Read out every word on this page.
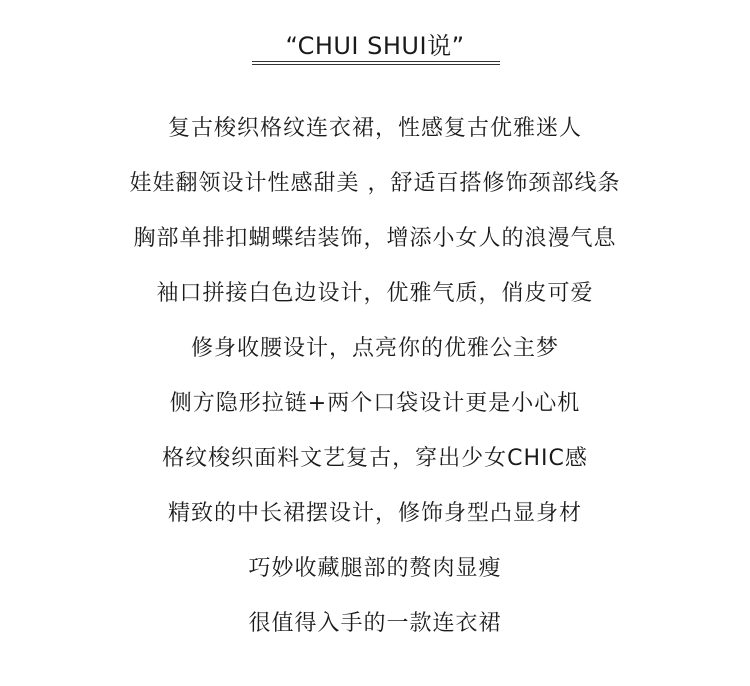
“CHUI SHUI说”
复古梭织格纹连衣裙，性感复古优雅迷人
娃娃翻领设计性感甜美 ，舒适百搭修饰颈部线条
胸部单排扣蝴蝶结装饰，增添小女人的浪漫气息
袖口拼接白色边设计，优雅气质，俏皮可爱
修身收腰设计，点亮你的优雅公主梦
侧方隐形拉链+两个口袋设计更是小心机
格纹梭织面料文艺复古，穿出少女CHIC感
精致的中长裙摆设计，修饰身型凸显身材
巧妙收藏腿部的赘肉显瘦
很值得入手的一款连衣裙
